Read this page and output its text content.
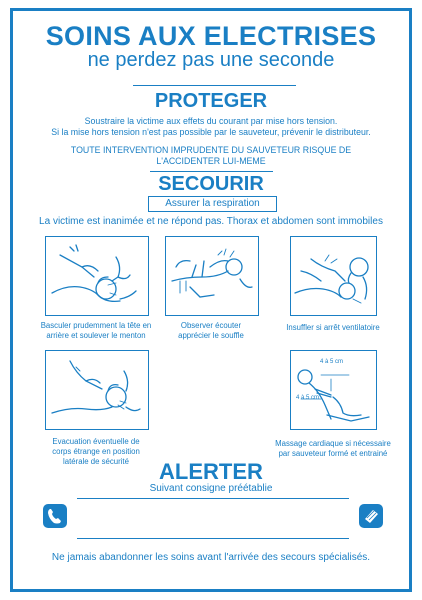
SOINS AUX ELECTRISES
ne perdez pas une seconde
PROTEGER
Soustraire la victime aux effets du courant par mise hors tension.
Si la mise hors tension n'est pas possible par le sauveteur, prévenir le distributeur.
TOUTE INTERVENTION IMPRUDENTE DU SAUVETEUR RISQUE DE
L'ACCIDENTER LUI-MEME
SECOURIR
Assurer la respiration
La victime est inanimée et ne répond pas. Thorax et abdomen sont immobiles
Basculer prudemment la tête en
arrière et soulever le menton
Observer écouter
apprécier le souffle
Insuffler si arrêt ventilatoire
Evacuation éventuelle de
corps étrange en position
latérale de sécurité
4 à 5 cm
4 à 5 cm
Massage cardiaque si nécessaire
par sauveteur formé et entrainé
ALERTER
Suivant consigne préétablie
Ne jamais abandonner les soins avant l'arrivée des secours spécialisés.
